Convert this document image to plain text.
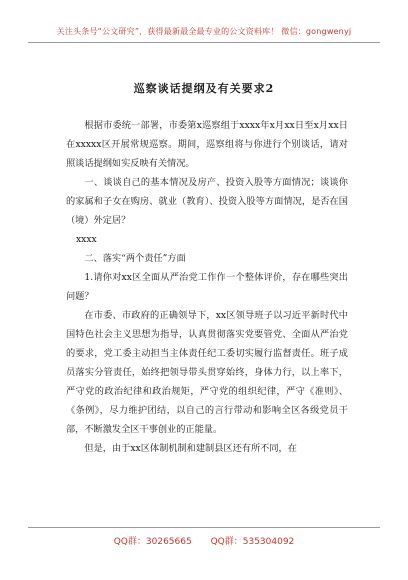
关注头条号“公文研究”，获得最新最全最专业的公文资料库！ 微信：gongwenyj
巡察谈话提纲及有关要求2

根据市委统一部署，市委第x巡察组于xxxx年x月xx日至x月xx日在xxxxx区开展常规巡察。期间，巡察组将与你进行个别谈话，请对照谈话提纲如实反映有关情况。

一、谈谈自己的基本情况及房产、投资入股等方面情况；谈谈你的家属和子女在购房、就业（教育）、投资入股等方面情况，是否在国（境）外定居？

xxxx

二、落实“两个责任”方面

1.请你对xx区全面从严治党工作作一个整体评价，存在哪些突出问题？

在市委、市政府的正确领导下，xx区领导班子以习近平新时代中国特色社会主义思想为指导，认真贯彻落实党要管党、全面从严治党的要求，党工委主动担当主体责任纪工委切实履行监督责任。班子成员落实分管责任，始终把领导带头贯穿始终，身体力行，以上率下，严守党的政治纪律和政治规矩，严守党的组织纪律，严守《准则》、《条例》，尽力维护团结，以自己的言行带动和影响全区各级党员干部，不断激发全区干事创业的正能量。

但是，由于xx区体制机制和建制县区还有所不同，在

QQ群：30265665 QQ群：535304092
